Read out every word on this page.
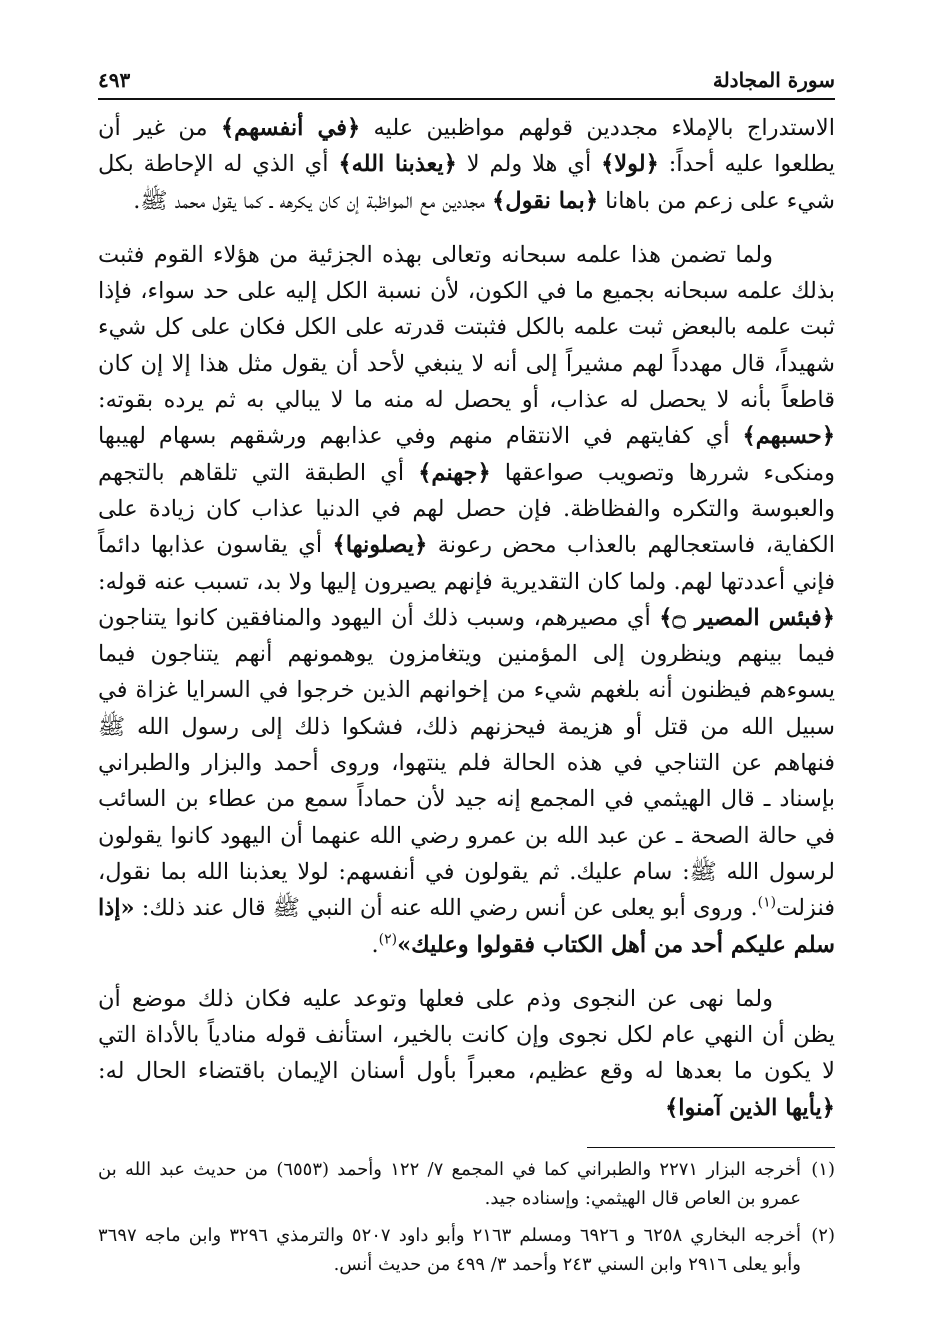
سورة المجادلة
٤٩٣

الاستدراج بالإملاء مجددين قولهم مواظبين عليه ﴿في أنفسهم﴾ من غير أن يطلعوا عليه أحداً: ﴿لولا﴾ أي هلا ولم لا ﴿يعذبنا الله﴾ أي الذي له الإحاطة بكل شيء على زعم من باهانا ﴿بما نقول﴾ مجددين مع المواظبة إن كان يكرهه ـ كما يقول محمد ﷺ.

ولما تضمن هذا علمه سبحانه وتعالى بهذه الجزئية من هؤلاء القوم فثبت بذلك علمه سبحانه بجميع ما في الكون، لأن نسبة الكل إليه على حد سواء، فإذا ثبت علمه بالبعض ثبت علمه بالكل فثبتت قدرته على الكل فكان على كل شيء شهيداً، قال مهدداً لهم مشيراً إلى أنه لا ينبغي لأحد أن يقول مثل هذا إلا إن كان قاطعاً بأنه لا يحصل له عذاب، أو يحصل له منه ما لا يبالي به ثم يرده بقوته: ﴿حسبهم﴾ أي كفايتهم في الانتقام منهم وفي عذابهم ورشقهم بسهام لهيبها ومنكىء شررها وتصويب صواعقها ﴿جهنم﴾ أي الطبقة التي تلقاهم بالتجهم والعبوسة والتكره والفظاظة. فإن حصل لهم في الدنيا عذاب كان زيادة على الكفاية، فاستعجالهم بالعذاب محض رعونة ﴿يصلونها﴾ أي يقاسون عذابها دائماً فإني أعددتها لهم. ولما كان التقديرية فإنهم يصيرون إليها ولا بد، تسبب عنه قوله: ﴿فبئس المصير ۝﴾ أي مصيرهم، وسبب ذلك أن اليهود والمنافقين كانوا يتناجون فيما بينهم وينظرون إلى المؤمنين ويتغامزون يوهمونهم أنهم يتناجون فيما يسوءهم فيظنون أنه بلغهم شيء من إخوانهم الذين خرجوا في السرايا غزاة في سبيل الله من قتل أو هزيمة فيحزنهم ذلك، فشكوا ذلك إلى رسول الله ﷺ فنهاهم عن التناجي في هذه الحالة فلم ينتهوا، وروى أحمد والبزار والطبراني بإسناد ـ قال الهيثمي في المجمع إنه جيد لأن حماداً سمع من عطاء بن السائب في حالة الصحة ـ عن عبد الله بن عمرو رضي الله عنهما أن اليهود كانوا يقولون لرسول الله ﷺ: سام عليك. ثم يقولون في أنفسهم: لولا يعذبنا الله بما نقول، فنزلت$^{(١)}$. وروى أبو يعلى عن أنس رضي الله عنه أن النبي ﷺ قال عند ذلك: «إذا سلم عليكم أحد من أهل الكتاب فقولوا وعليك»$^{(٢)}$.

ولما نهى عن النجوى وذم على فعلها وتوعد عليه فكان ذلك موضع أن يظن أن النهي عام لكل نجوى وإن كانت بالخير، استأنف قوله منادياً بالأداة التي لا يكون ما بعدها له وقع عظيم، معبراً بأول أسنان الإيمان باقتضاء الحال له: ﴿يأيها الذين آمنوا﴾

(١)
أخرجه البزار ٢٢٧١ والطبراني كما في المجمع ٧/ ١٢٢ وأحمد (٦٥٥٣) من حديث عبد الله بن عمرو بن العاص قال الهيثمي: وإسناده جيد.
(٢)
أخرجه البخاري ٦٢٥٨ و ٦٩٢٦ ومسلم ٢١٦٣ وأبو داود ٥٢٠٧ والترمذي ٣٢٩٦ وابن ماجه ٣٦٩٧ وأبو يعلى ٢٩١٦ وابن السني ٢٤٣ وأحمد ٣/ ٤٩٩ من حديث أنس.
